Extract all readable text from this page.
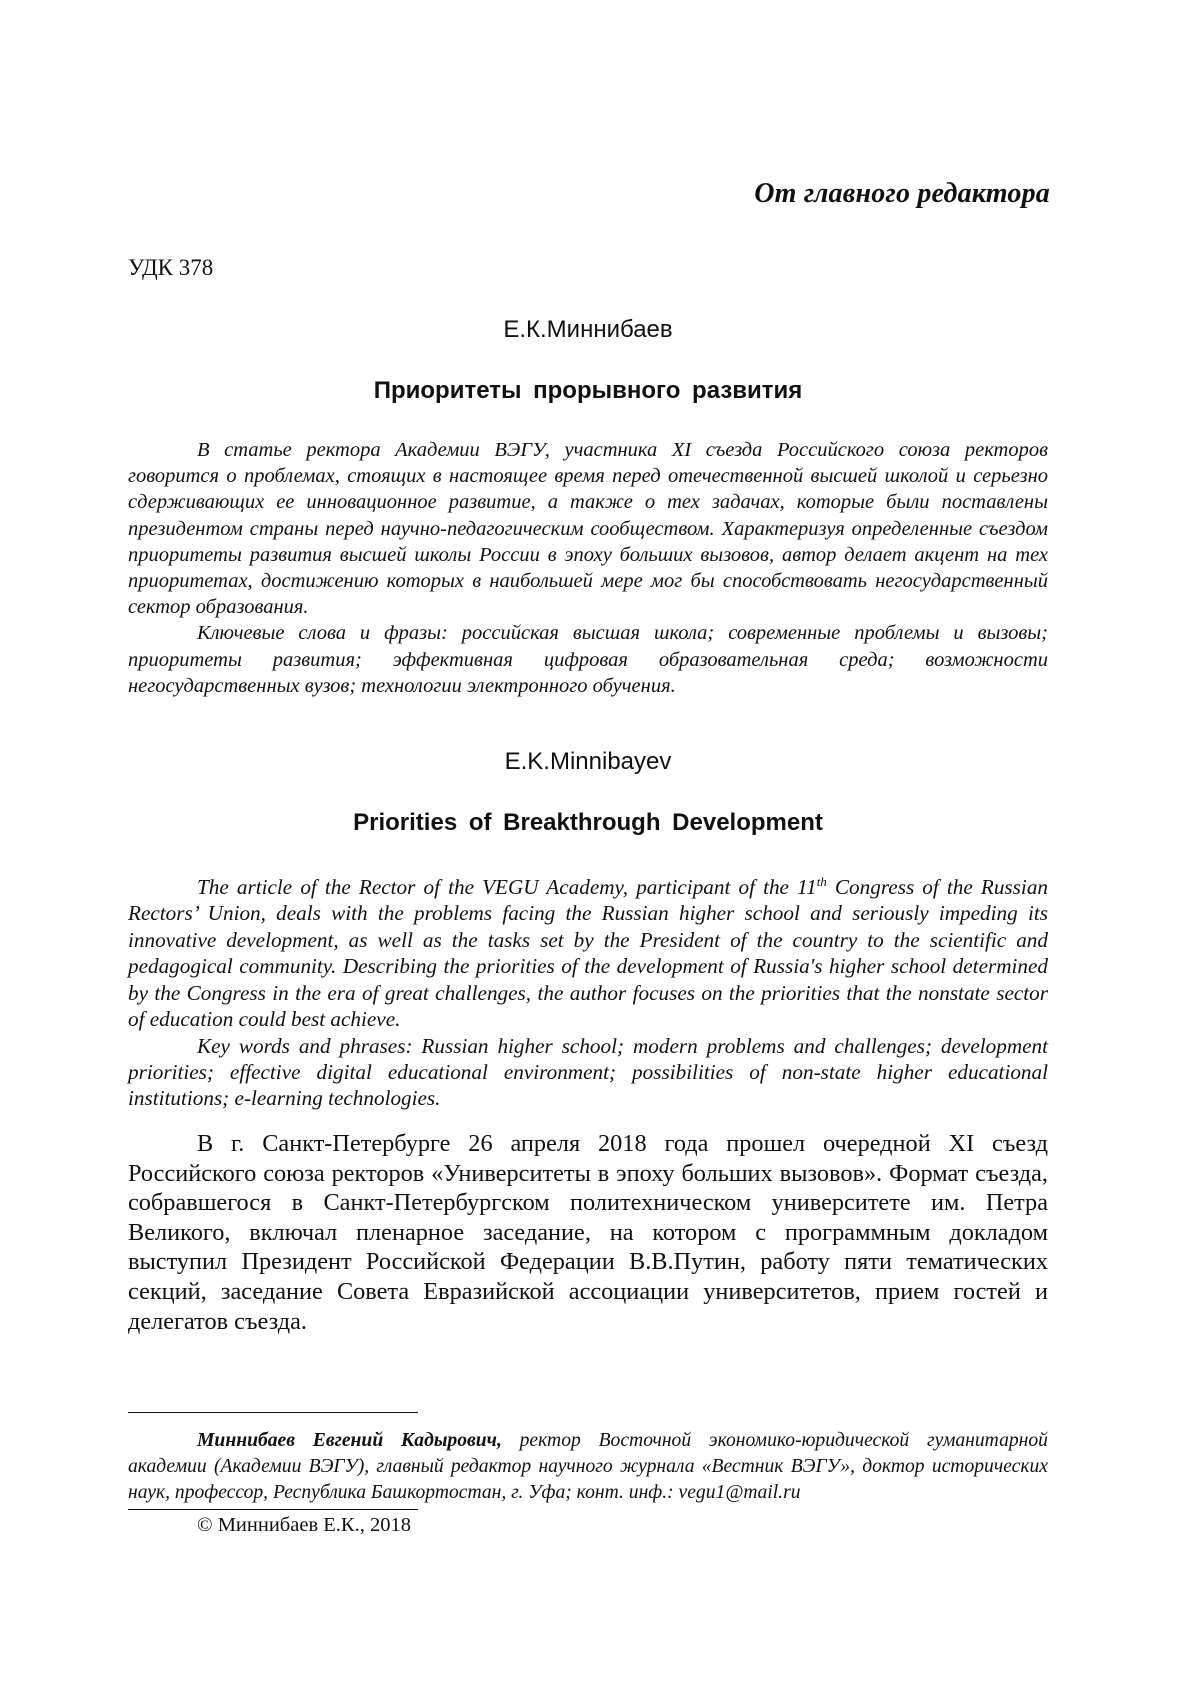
От главного редактора
УДК 378
Е.К.Миннибаев
Приоритеты прорывного развития

В статье ректора Академии ВЭГУ, участника XI съезда Российского союза ректоров говорится о проблемах, стоящих в настоящее время перед отечественной высшей школой и серьезно сдерживающих ее инновационное развитие, а также о тех задачах, которые были поставлены президентом страны перед научно-педагогическим сообществом. Характеризуя определенные съездом приоритеты развития высшей школы России в эпоху больших вызовов, автор делает акцент на тех приоритетах, достижению которых в наибольшей мере мог бы способствовать негосударственный сектор образования.

Ключевые слова и фразы: российская высшая школа; современные проблемы и вызовы; приоритеты развития; эффективная цифровая образовательная среда; возможности негосударственных вузов; технологии электронного обучения.

E.K.Minnibayev
Priorities of Breakthrough Development

The article of the Rector of the VEGU Academy, participant of the 11th Congress of the Russian Rectors’ Union, deals with the problems facing the Russian higher school and seriously impeding its innovative development, as well as the tasks set by the President of the country to the scientific and pedagogical community. Describing the priorities of the development of Russia's higher school determined by the Congress in the era of great challenges, the author focuses on the priorities that the nonstate sector of education could best achieve.

Key words and phrases: Russian higher school; modern problems and challenges; development priorities; effective digital educational environment; possibilities of non-state higher educational institutions; e-learning technologies.

В г. Санкт-Петербурге 26 апреля 2018 года прошел очередной XI съезд Российского союза ректоров «Университеты в эпоху больших вызовов». Формат съезда, собравшегося в Санкт-Петербургском политехническом университете им. Петра Великого, включал пленарное заседание, на котором с программным докладом выступил Президент Российской Федерации В.В.Путин, работу пяти тематических секций, заседание Совета Евразийской ассоциации университетов, прием гостей и делегатов съезда.

Миннибаев Евгений Кадырович, ректор Восточной экономико-юридической гуманитарной академии (Академии ВЭГУ), главный редактор научного журнала «Вестник ВЭГУ», доктор исторических наук, профессор, Республика Башкортостан, г. Уфа; конт. инф.: vegu1@mail.ru

© Миннибаев Е.К., 2018
